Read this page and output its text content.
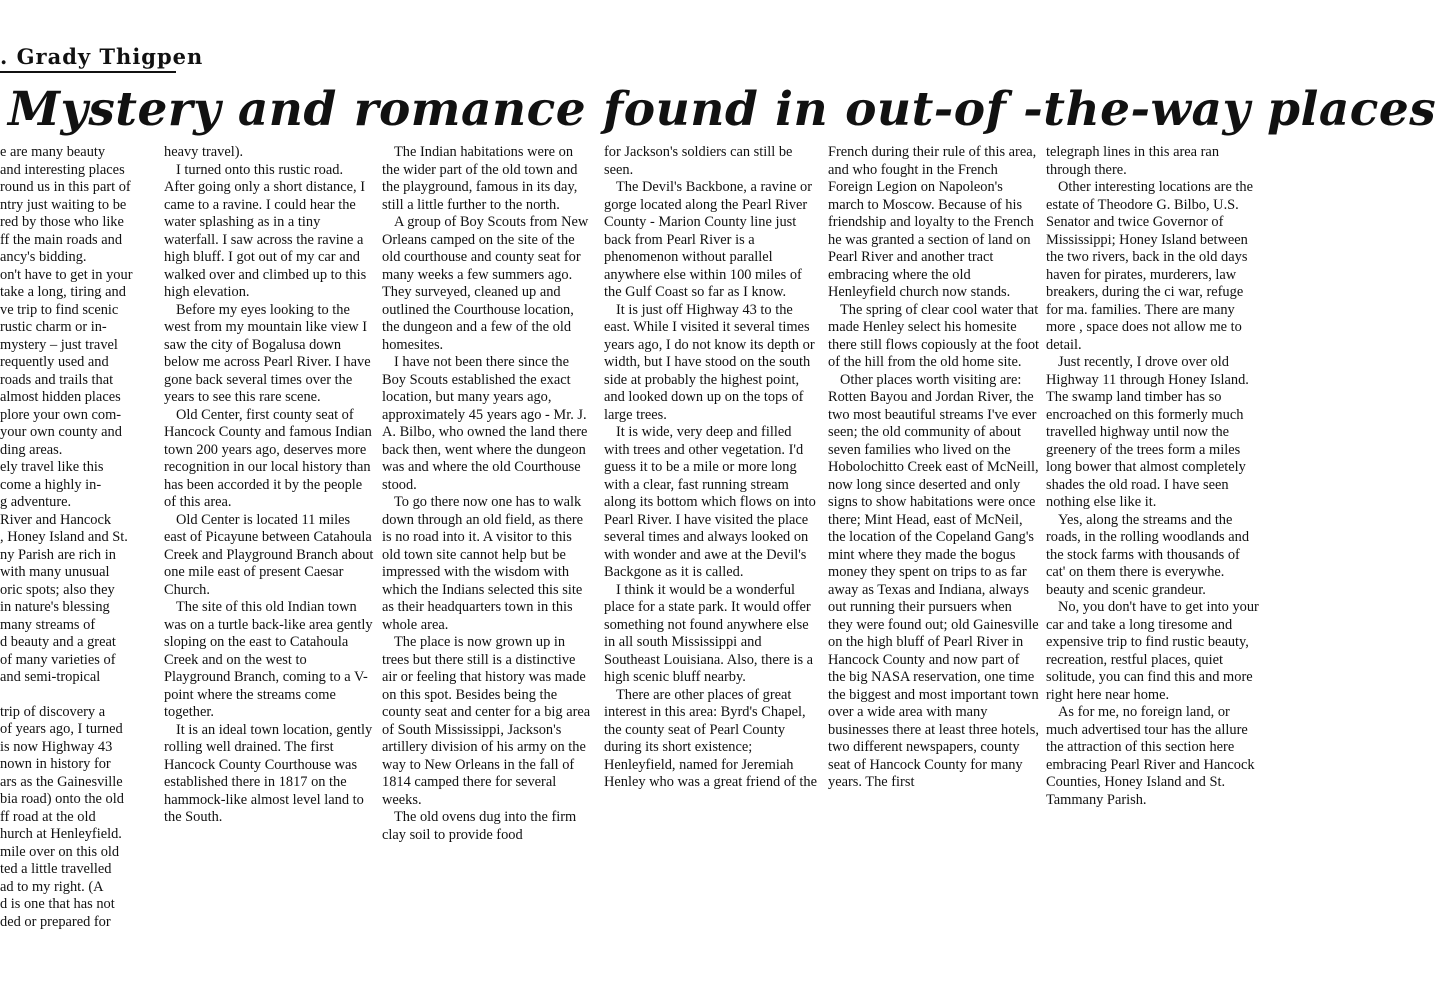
. Grady Thigpen
Mystery and romance found in out-of -the-way places

e are many beauty

and interesting places

round us in this part of

ntry just waiting to be

red by those who like

ff the main roads and

ancy's bidding.

on't have to get in your

take a long, tiring and

ve trip to find scenic

rustic charm or in-

mystery – just travel

requently used and

roads and trails that

almost hidden places

plore your own com-

your own county and

ding areas.

ely travel like this

come a highly in-

g adventure.

River and Hancock

, Honey Island and St.

ny Parish are rich in

with many unusual

oric spots; also they

in nature's blessing

many streams of

d beauty and a great

of many varieties of

and semi-tropical

trip of discovery a

of years ago, I turned

is now Highway 43

nown in history for

ars as the Gainesville

bia road) onto the old

ff road at the old

hurch at Henleyfield.

mile over on this old

ted a little travelled

ad to my right. (A

d is one that has not

ded or prepared for

heavy travel).

I turned onto this rustic road. After going only a short distance, I came to a ravine. I could hear the water splashing as in a tiny waterfall. I saw across the ravine a high bluff. I got out of my car and walked over and climbed up to this high elevation.

Before my eyes looking to the west from my mountain like view I saw the city of Bogalusa down below me across Pearl River. I have gone back several times over the years to see this rare scene.

Old Center, first county seat of Hancock County and famous Indian town 200 years ago, deserves more recognition in our local history than has been accorded it by the people of this area.

Old Center is located 11 miles east of Picayune between Catahoula Creek and Playground Branch about one mile east of present Caesar Church.

The site of this old Indian town was on a turtle back-like area gently sloping on the east to Catahoula Creek and on the west to Playground Branch, coming to a V-point where the streams come together.

It is an ideal town location, gently rolling well drained. The first Hancock County Courthouse was established there in 1817 on the hammock-like almost level land to the South.

The Indian habitations were on the wider part of the old town and the playground, famous in its day, still a little further to the north.

A group of Boy Scouts from New Orleans camped on the site of the old courthouse and county seat for many weeks a few summers ago. They surveyed, cleaned up and outlined the Courthouse location, the dungeon and a few of the old homesites.

I have not been there since the Boy Scouts established the exact location, but many years ago, approximately 45 years ago - Mr. J. A. Bilbo, who owned the land there back then, went where the dungeon was and where the old Courthouse stood.

To go there now one has to walk down through an old field, as there is no road into it. A visitor to this old town site cannot help but be impressed with the wisdom with which the Indians selected this site as their headquarters town in this whole area.

The place is now grown up in trees but there still is a distinctive air or feeling that history was made on this spot. Besides being the county seat and center for a big area of South Mississippi, Jackson's artillery division of his army on the way to New Orleans in the fall of 1814 camped there for several weeks.

The old ovens dug into the firm clay soil to provide food

for Jackson's soldiers can still be seen.

The Devil's Backbone, a ravine or gorge located along the Pearl River County - Marion County line just back from Pearl River is a phenomenon without parallel anywhere else within 100 miles of the Gulf Coast so far as I know.

It is just off Highway 43 to the east. While I visited it several times years ago, I do not know its depth or width, but I have stood on the south side at probably the highest point, and looked down up on the tops of large trees.

It is wide, very deep and filled with trees and other vegetation. I'd guess it to be a mile or more long with a clear, fast running stream along its bottom which flows on into Pearl River. I have visited the place several times and always looked on with wonder and awe at the Devil's Backgone as it is called.

I think it would be a wonderful place for a state park. It would offer something not found anywhere else in all south Mississippi and Southeast Louisiana. Also, there is a high scenic bluff nearby.

There are other places of great interest in this area: Byrd's Chapel, the county seat of Pearl County during its short existence; Henleyfield, named for Jeremiah Henley who was a great friend of the

French during their rule of this area, and who fought in the French Foreign Legion on Napoleon's march to Moscow. Because of his friendship and loyalty to the French he was granted a section of land on Pearl River and another tract embracing where the old Henleyfield church now stands.

The spring of clear cool water that made Henley select his homesite there still flows copiously at the foot of the hill from the old home site.

Other places worth visiting are: Rotten Bayou and Jordan River, the two most beautiful streams I've ever seen; the old community of about seven families who lived on the Hobolochitto Creek east of McNeill, now long since deserted and only signs to show habitations were once there; Mint Head, east of McNeil, the location of the Copeland Gang's mint where they made the bogus money they spent on trips to as far away as Texas and Indiana, always out running their pursuers when they were found out; old Gainesville on the high bluff of Pearl River in Hancock County and now part of the big NASA reservation, one time the biggest and most important town over a wide area with many businesses there at least three hotels, two different newspapers, county seat of Hancock County for many years. The first

telegraph lines in this area ran through there.

Other interesting locations are the estate of Theodore G. Bilbo, U.S. Senator and twice Governor of Mississippi; Honey Island between the two rivers, back in the old days haven for pirates, murderers, law breakers, during the ci war, refuge for ma. families. There are many more , space does not allow me to detail.

Just recently, I drove over old Highway 11 through Honey Island. The swamp land timber has so encroached on this formerly much travelled highway until now the greenery of the trees form a miles long bower that almost completely shades the old road. I have seen nothing else like it.

Yes, along the streams and the roads, in the rolling woodlands and the stock farms with thousands of cat' on them there is everywhe. beauty and scenic grandeur.

No, you don't have to get into your car and take a long tiresome and expensive trip to find rustic beauty, recreation, restful places, quiet solitude, you can find this and more right here near home.

As for me, no foreign land, or much advertised tour has the allure the attraction of this section here embracing Pearl River and Hancock Counties, Honey Island and St. Tammany Parish.
